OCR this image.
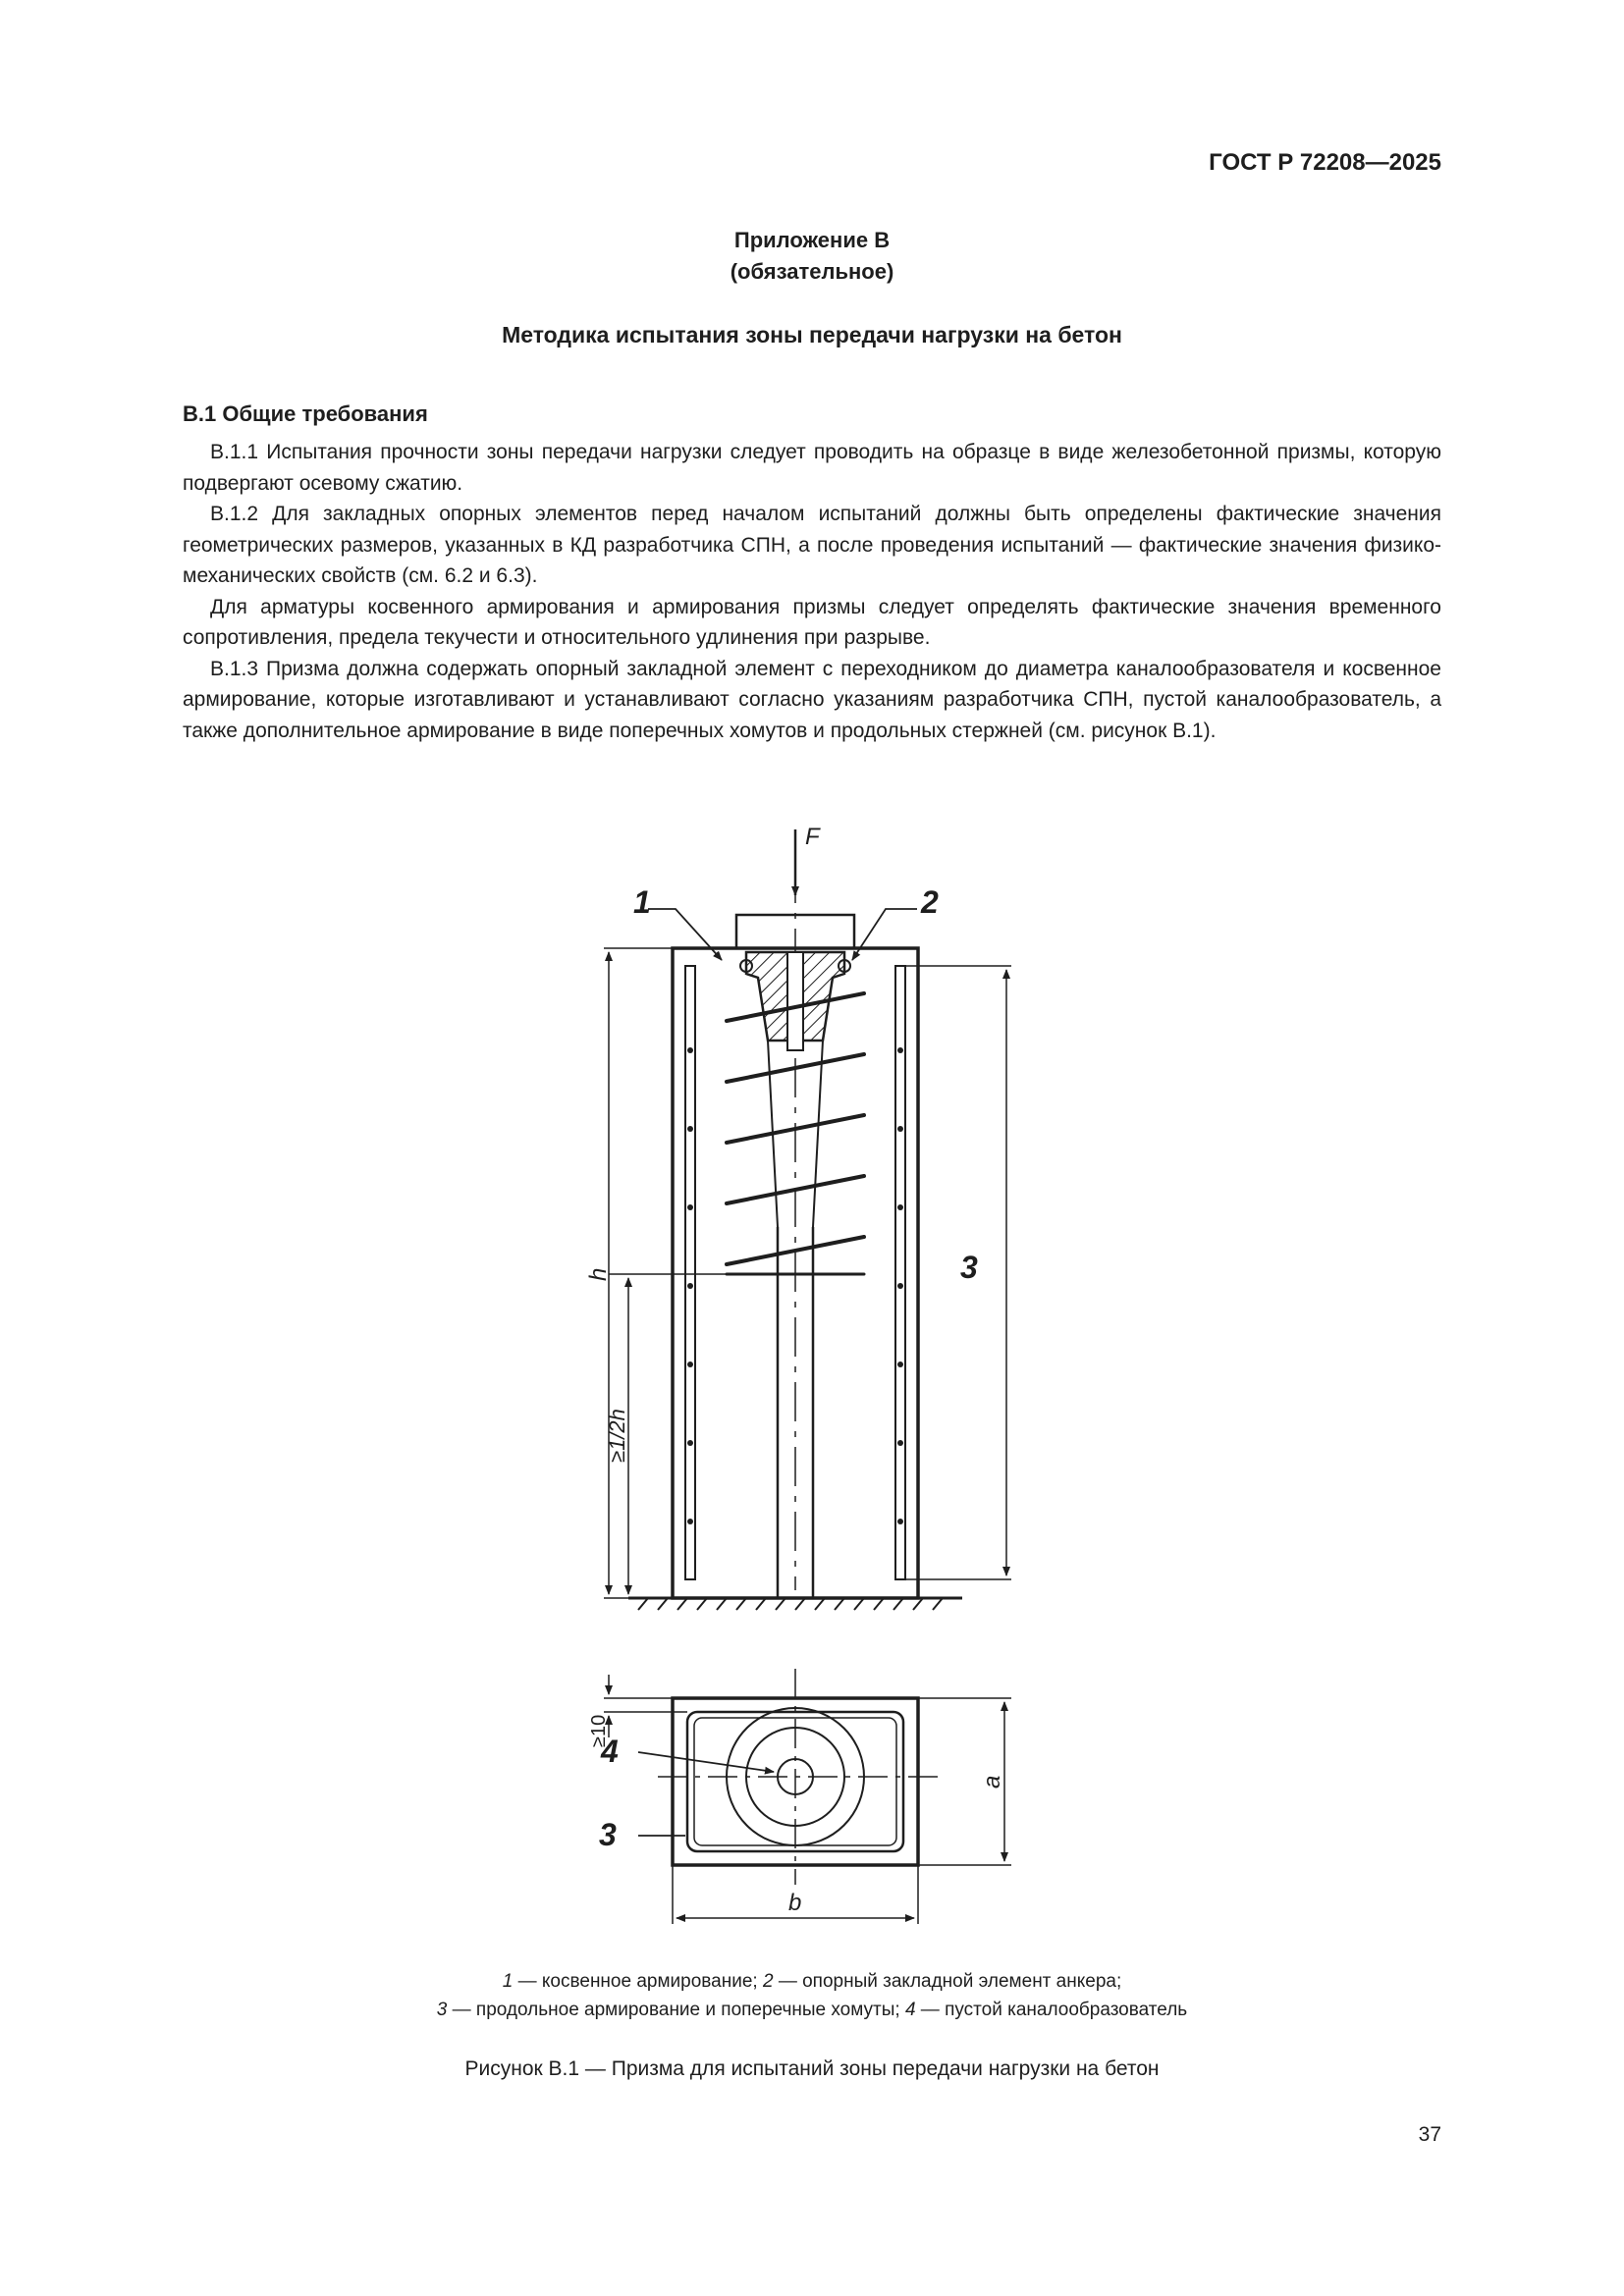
ГОСТ Р 72208—2025
Приложение В
(обязательное)
Методика испытания зоны передачи нагрузки на бетон
В.1 Общие требования

В.1.1 Испытания прочности зоны передачи нагрузки следует проводить на образце в виде железобетонной призмы, которую подвергают осевому сжатию.

В.1.2 Для закладных опорных элементов перед началом испытаний должны быть определены фактические значения геометрических размеров, указанных в КД разработчика СПН, а после проведения испытаний — фактические значения физико-механических свойств (см. 6.2 и 6.3).

Для арматуры косвенного армирования и армирования призмы следует определять фактические значения временного сопротивления, предела текучести и относительного удлинения при разрыве.

В.1.3 Призма должна содержать опорный закладной элемент с переходником до диаметра каналообразователя и косвенное армирование, которые изготавливают и устанавливают согласно указаниям разработчика СПН, пустой каналообразователь, а также дополнительное армирование в виде поперечных хомутов и продольных стержней (см. рисунок В.1).

F
1	2
3
h
≥1/2h
≥10
4
3
a
b
1 — косвенное армирование; 2 — опорный закладной элемент анкера;
3 — продольное армирование и поперечные хомуты; 4 — пустой каналообразователь
Рисунок В.1 — Призма для испытаний зоны передачи нагрузки на бетон
37
